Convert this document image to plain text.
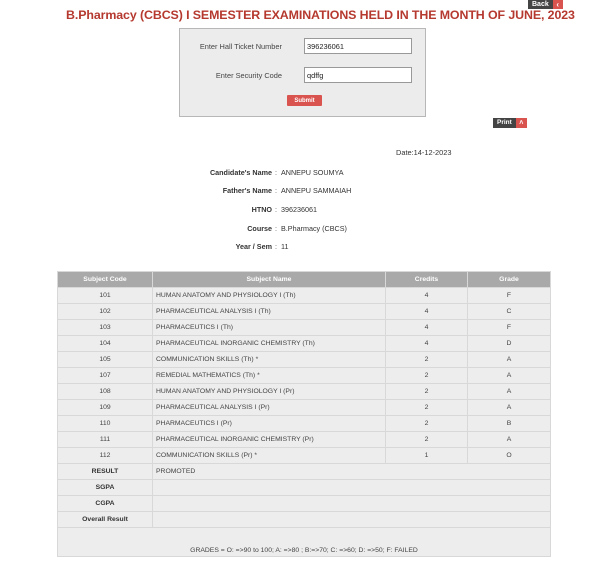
Back ‹
B.Pharmacy (CBCS) I SEMESTER EXAMINATIONS HELD IN THE MONTH OF JUNE, 2023
Enter Hall Ticket Number	396236061
Enter Security Code	qdffg
Submit
Print	˄
Date:14-12-2023
Candidate's Name : ANNEPU SOUMYA
Father's Name : ANNEPU SAMMAIAH
HTNO : 396236061
Course : B.Pharmacy (CBCS)
Year / Sem : 11
Subject Code	Subject Name	Credits	Grade
101	HUMAN ANATOMY AND PHYSIOLOGY I (Th)	4	F
102	PHARMACEUTICAL ANALYSIS I (Th)	4	C
103	PHARMACEUTICS I (Th)	4	F
104	PHARMACEUTICAL INORGANIC CHEMISTRY (Th)	4	D
105	COMMUNICATION SKILLS (Th) *	2	A
107	REMEDIAL MATHEMATICS (Th) *	2	A
108	HUMAN ANATOMY AND PHYSIOLOGY I (Pr)	2	A
109	PHARMACEUTICAL ANALYSIS I (Pr)	2	A
110	PHARMACEUTICS I (Pr)	2	B
111	PHARMACEUTICAL INORGANIC CHEMISTRY (Pr)	2	A
112	COMMUNICATION SKILLS (Pr) *	1	O
RESULT	PROMOTED		
SGPA			
CGPA			
Overall Result			
GRADES = O: =>90 to 100; A: =>80 ; B:=>70; C: =>60; D: =>50; F: FAILED			
